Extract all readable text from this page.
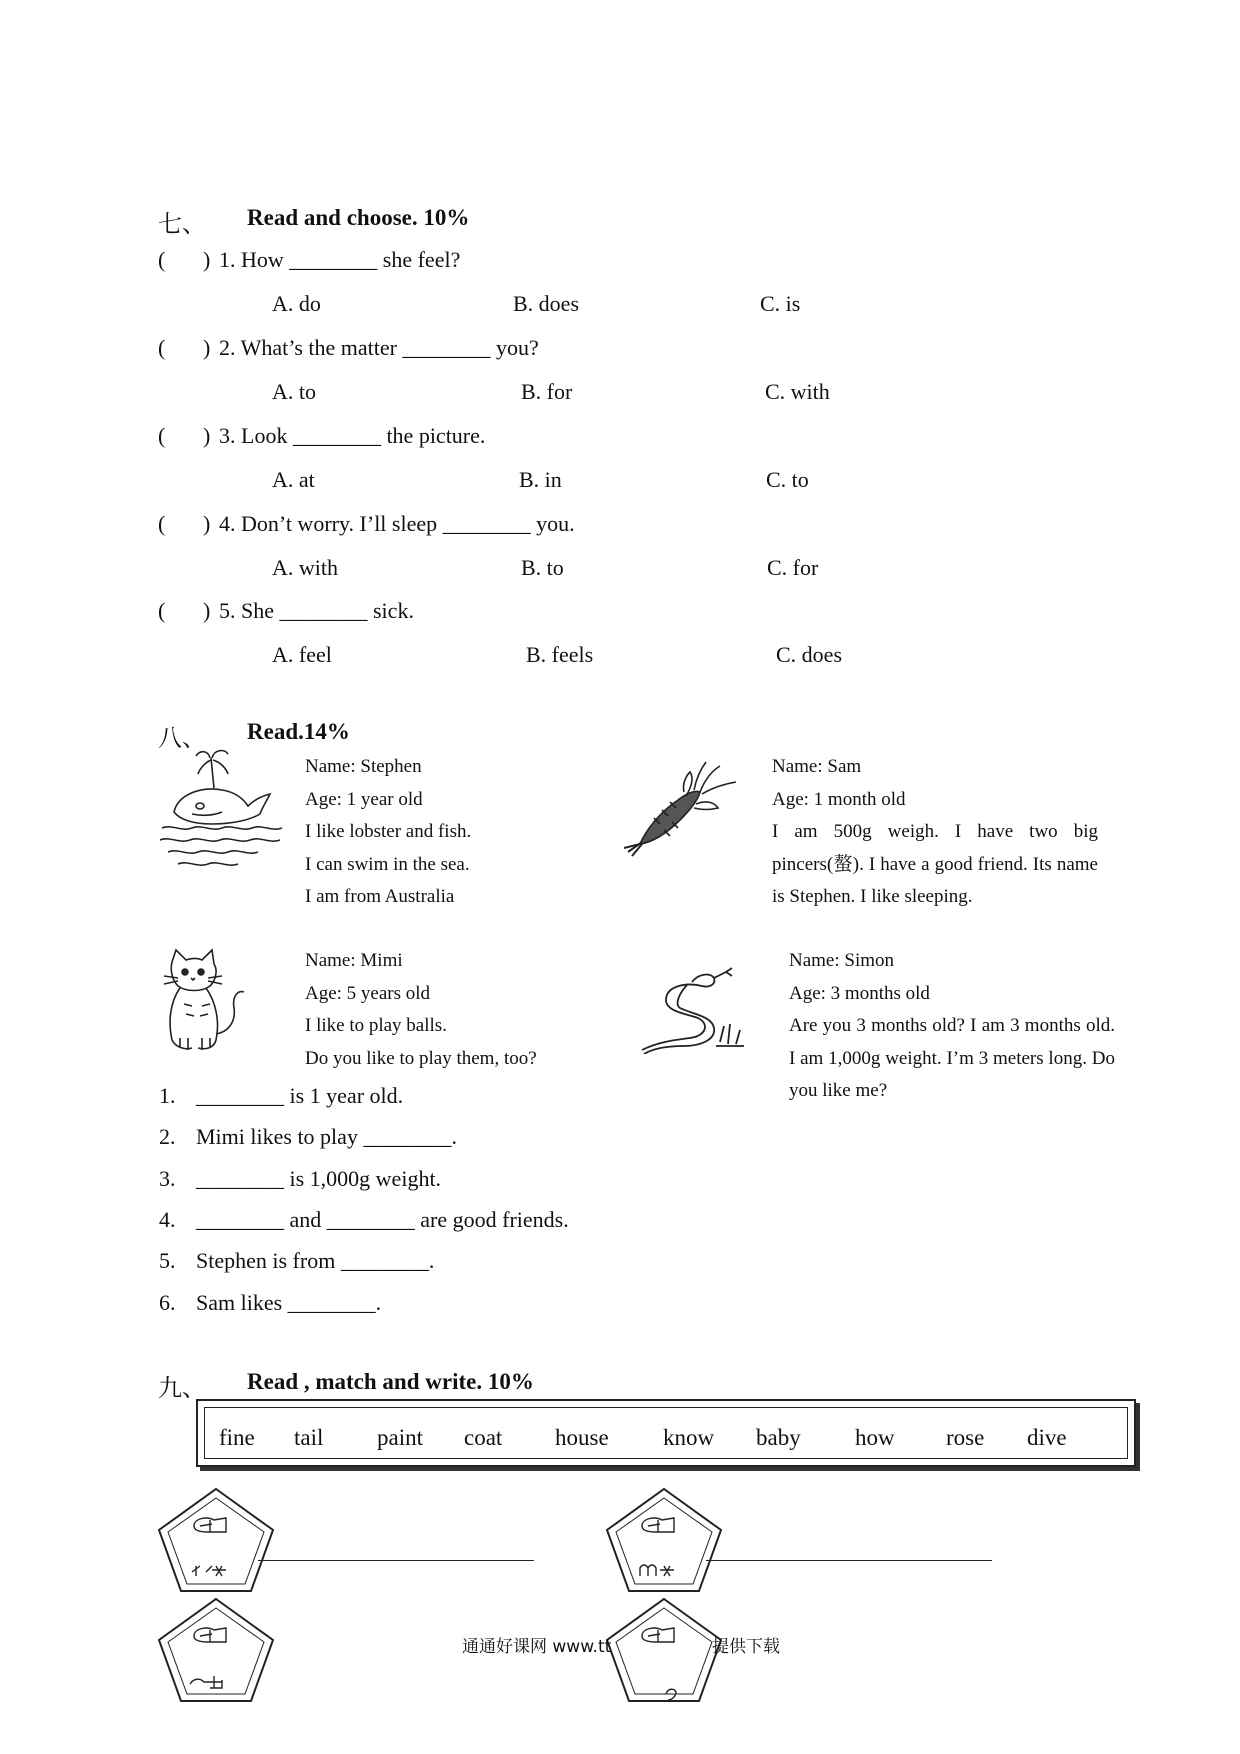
七、 Read and choose. 10%
( ) 1. How ________ she feel?
A. do	B. does	C. is
( ) 2. What’s the matter ________ you?
A. to	B. for	C. with
( ) 3. Look ________ the picture.
A. at	B. in	C. to
( ) 4. Don’t worry. I’ll sleep ________ you.
A. with	B. to	C. for
( ) 5. She ________ sick.
A. feel	B. feels	C. does
八、 Read.14%
Name: Stephen
Age: 1 year old
I like lobster and fish.
I can swim in the sea.
I am from Australia
Name: Sam
Age: 1 month old
I am 500g weigh. I have two big pincers(螯). I have a good friend. Its name is Stephen. I like sleeping.
Name: Mimi
Age: 5 years old
I like to play balls.
Do you like to play them, too?
Name: Simon
Age: 3 months old
Are you 3 months old? I am 3 months old. I am 1,000g weight. I’m 3 meters long. Do you like me?
1. ________ is 1 year old.
2. Mimi likes to play ________.
3. ________ is 1,000g weight.
4. ________ and ________ are good friends.
5. Stephen is from ________.
6. Sam likes ________.
九、 Read , match and write. 10%
fine tail paint coat house know baby how rose dive
通通好课网 www.tt	提供下载
